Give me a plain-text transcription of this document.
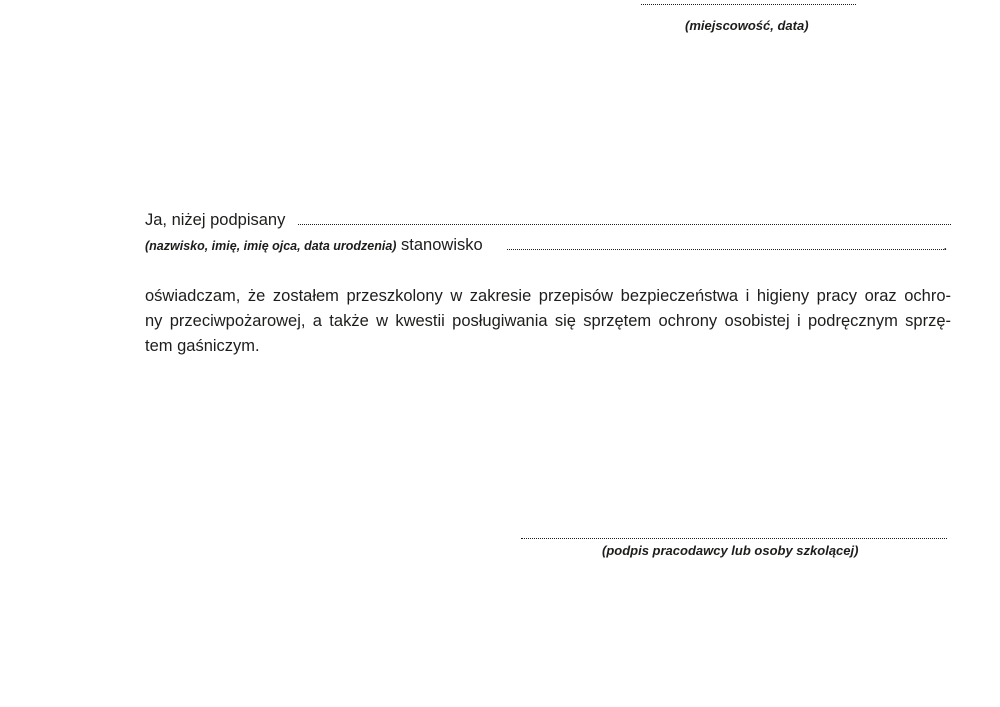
(miejscowość, data)
Ja, niżej podpisany
(nazwisko, imię, imię ojca, data urodzenia) stanowisko	.
oświadczam, że zostałem przeszkolony w zakresie przepisów bezpieczeństwa i higieny pracy oraz ochro-
ny przeciwpożarowej, a także w kwestii posługiwania się sprzętem ochrony osobistej i podręcznym sprzę-
tem gaśniczym.
(podpis pracodawcy lub osoby szkolącej)
